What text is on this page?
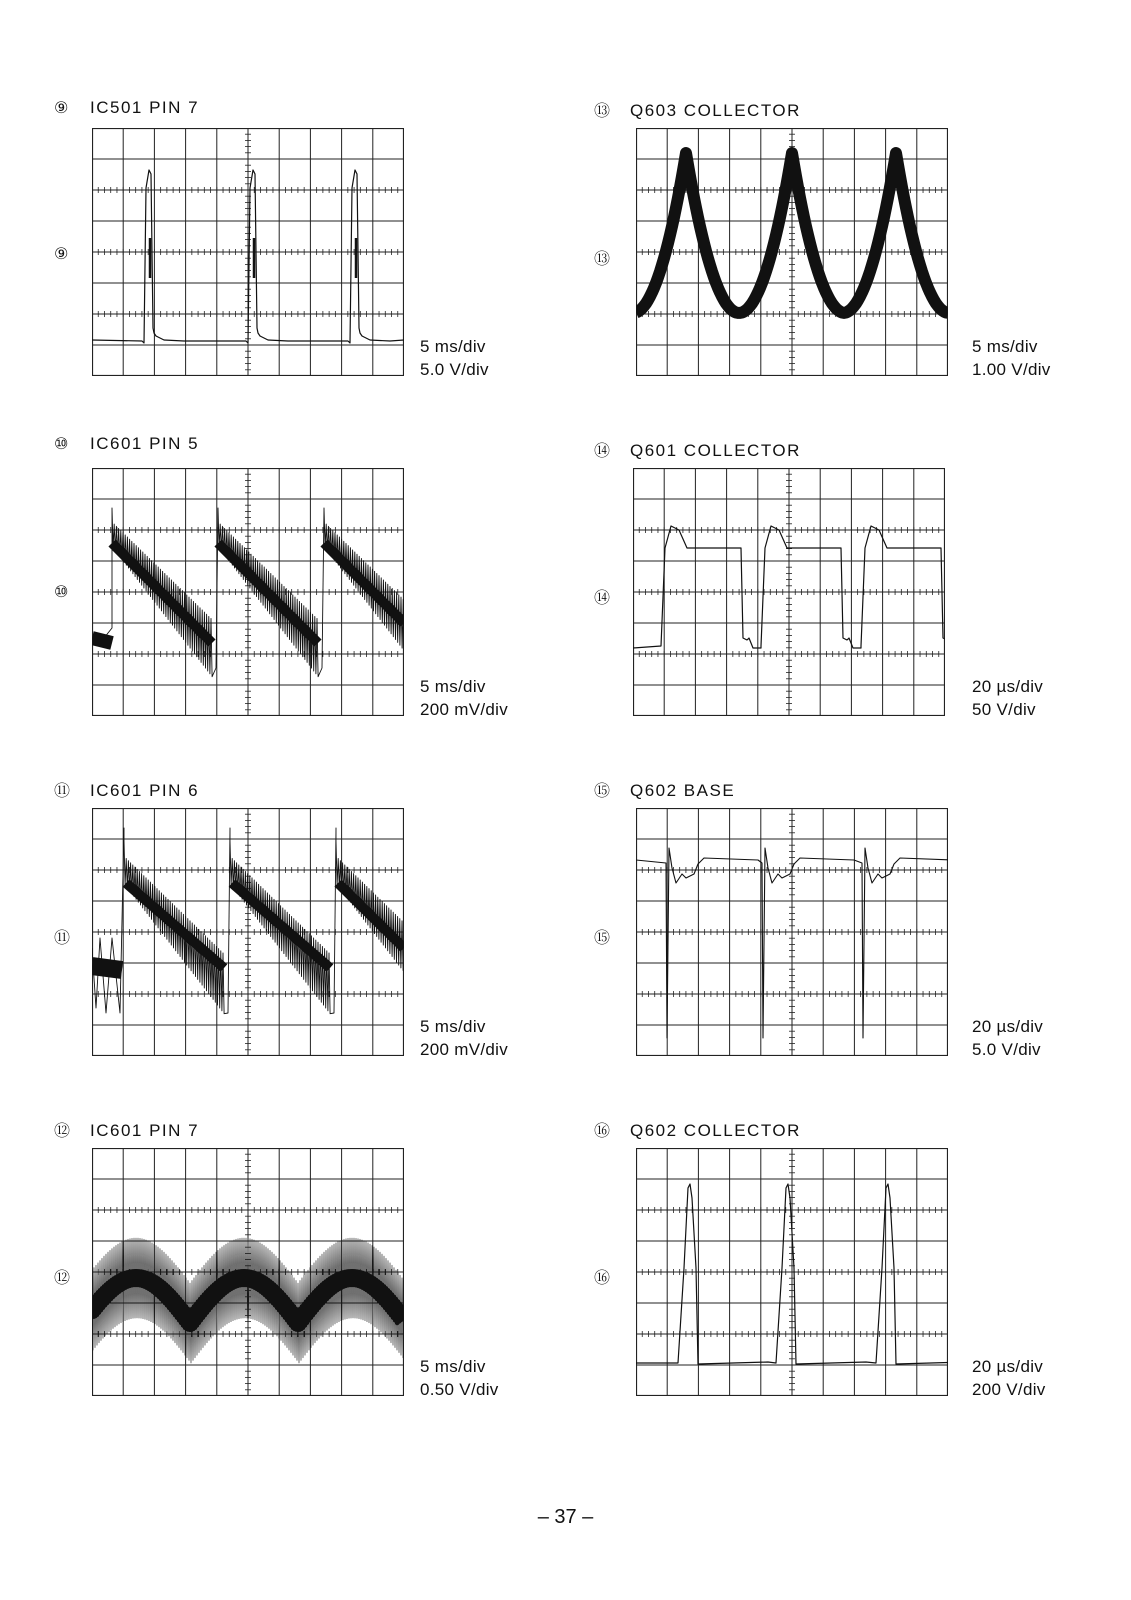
⑨ IC501 PIN 7
⑨
5 ms/div
5.0 V/div
⑩ IC601 PIN 5
⑩
5 ms/div
200 mV/div
⑪ IC601 PIN 6
⑪
5 ms/div
200 mV/div
⑫ IC601 PIN 7
⑫
5 ms/div
0.50 V/div
⑬ Q603 COLLECTOR
⑬
5 ms/div
1.00 V/div
⑭ Q601 COLLECTOR
⑭
20 µs/div
50 V/div
⑮ Q602 BASE
⑮
20 µs/div
5.0 V/div
⑯ Q602 COLLECTOR
⑯
20 µs/div
200 V/div
– 37 –
